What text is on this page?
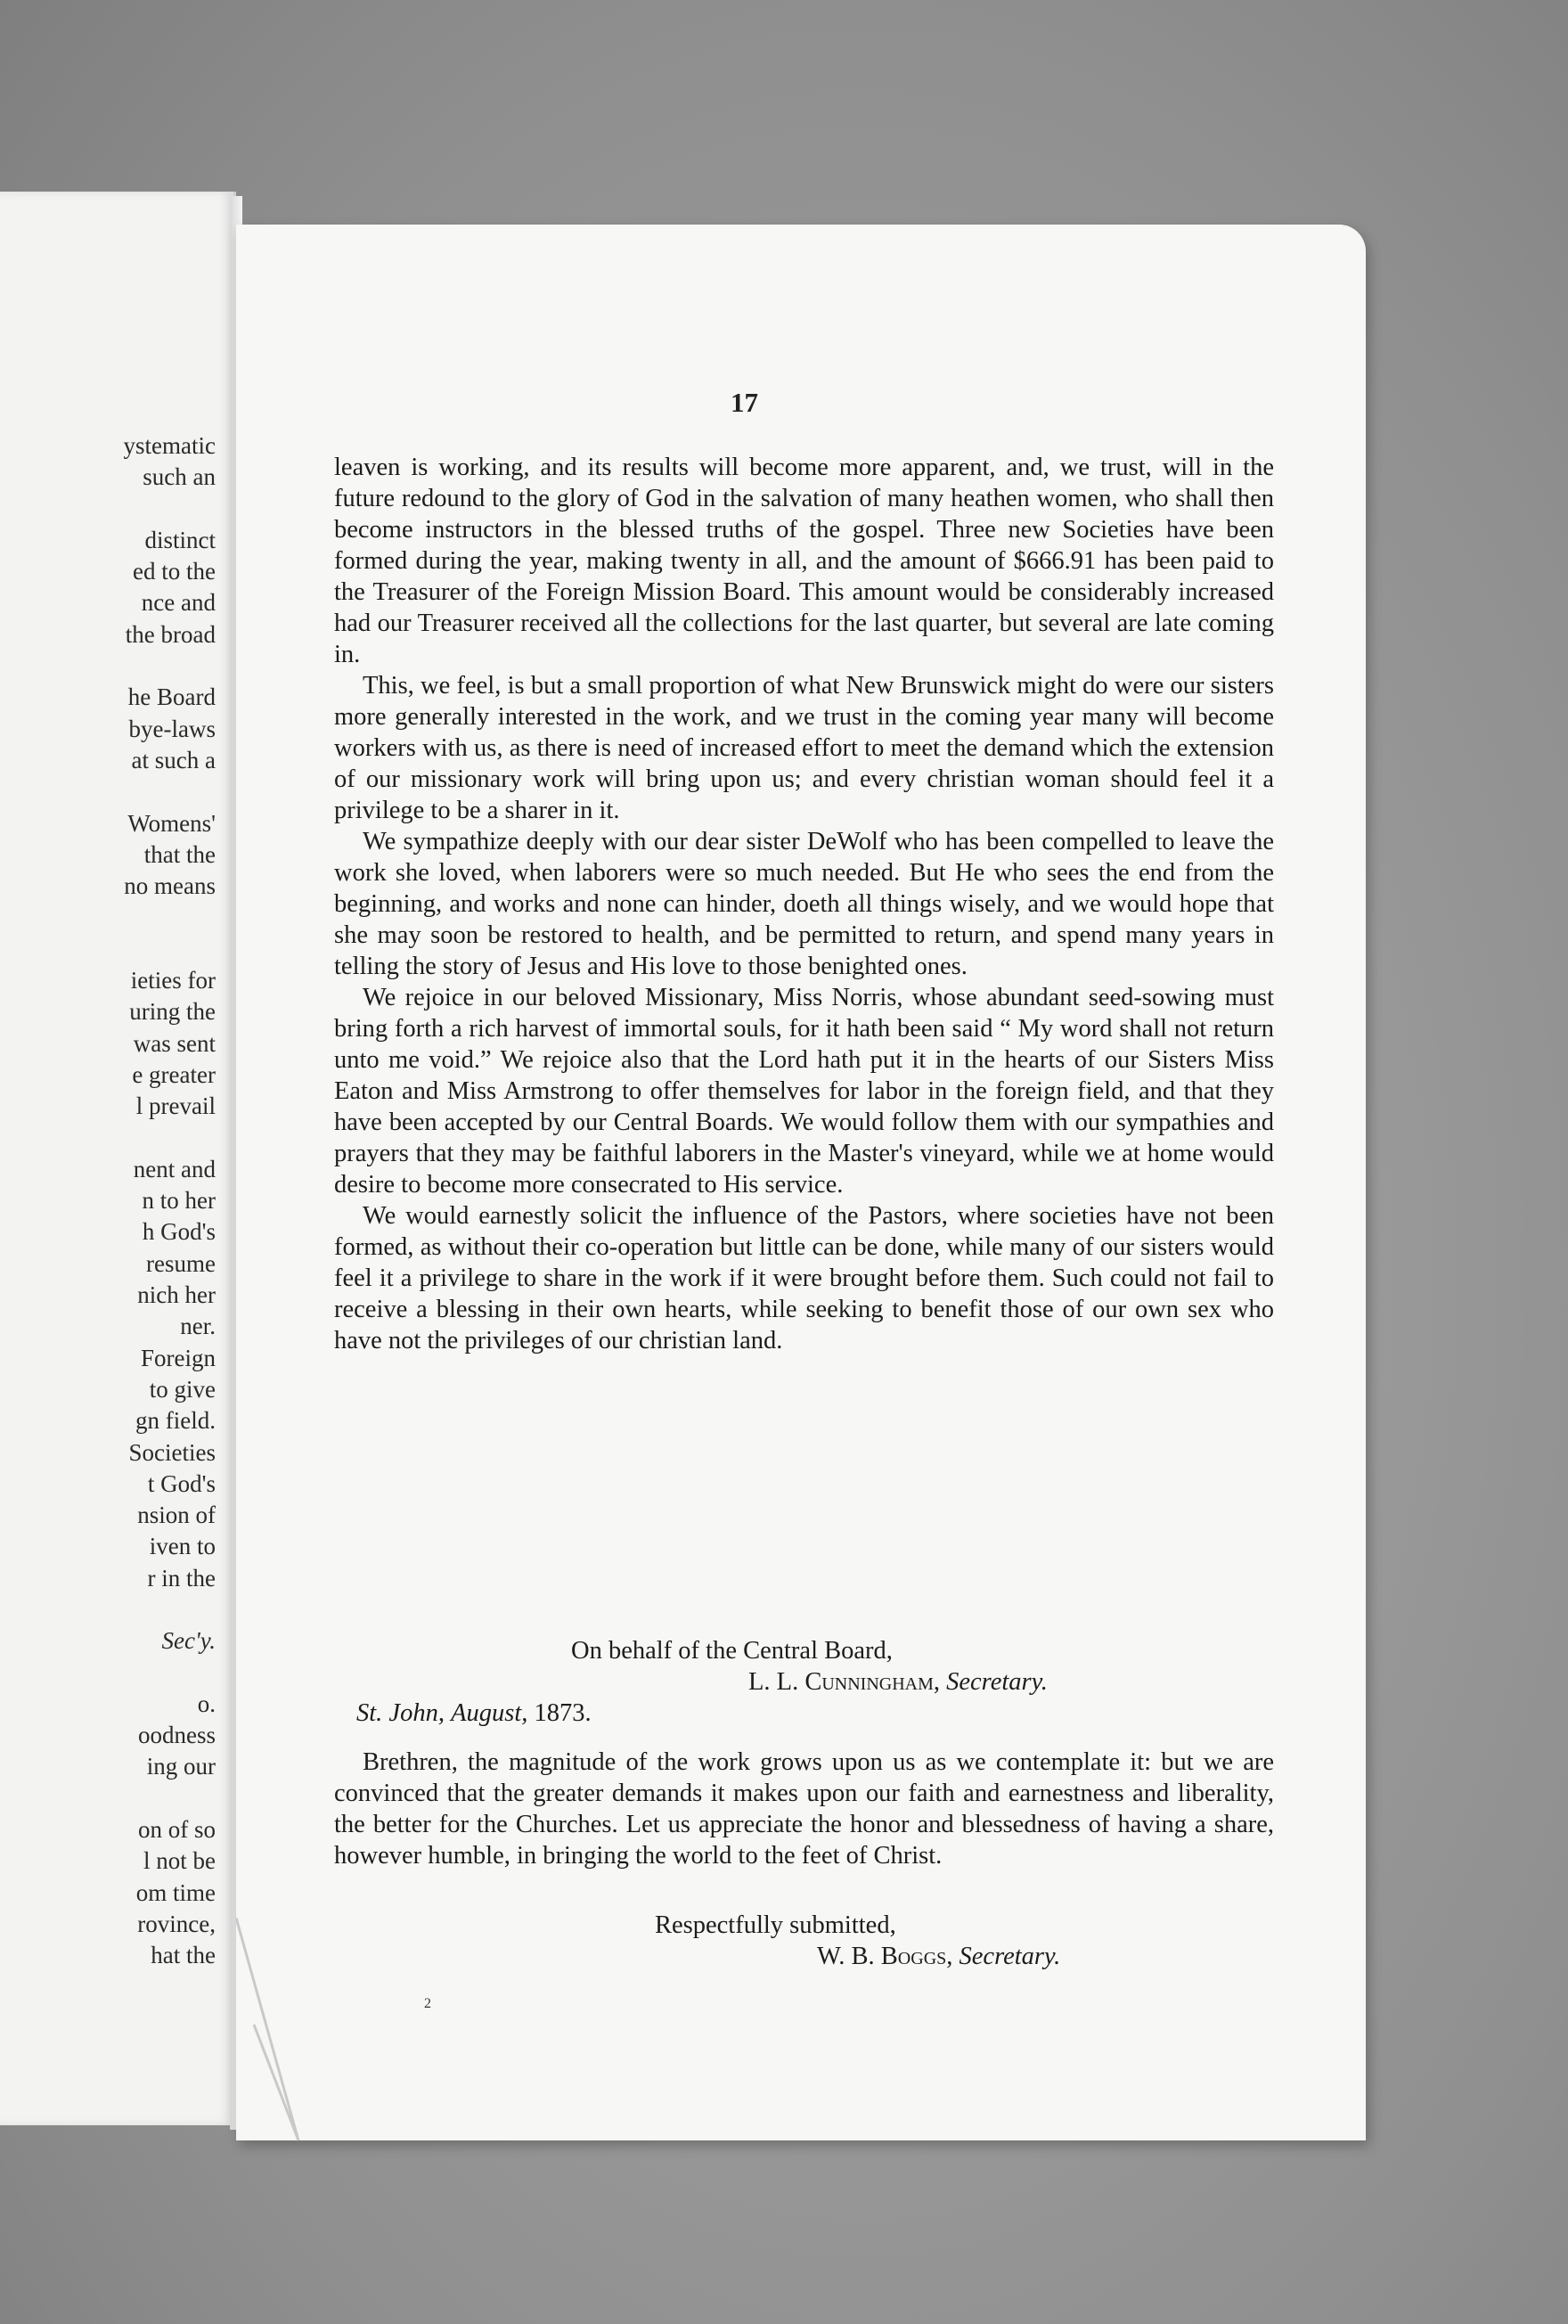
ystematic
such an
distinct
ed to the
nce and
the broad
he Board
bye-laws
at such a
Womens'
that the
no means
ieties for
uring the
was sent
e greater
l prevail
nent and
n to her
h God's
resume
nich her
ner.
Foreign
to give
gn field.
Societies
t God's
nsion of
iven to
r in the
Sec'y.
o.
oodness
ing our
on of so
l not be
om time
rovince,
hat the
17

leaven is working, and its results will become more apparent, and, we trust, will in the future redound to the glory of God in the salvation of many heathen women, who shall then become instructors in the blessed truths of the gospel. Three new Societies have been formed during the year, making twenty in all, and the amount of $666.91 has been paid to the Treasurer of the Foreign Mission Board. This amount would be considerably increased had our Treasurer received all the collections for the last quarter, but several are late coming in.

This, we feel, is but a small proportion of what New Brunswick might do were our sisters more generally interested in the work, and we trust in the coming year many will become workers with us, as there is need of increased effort to meet the demand which the extension of our missionary work will bring upon us; and every christian woman should feel it a privilege to be a sharer in it.

We sympathize deeply with our dear sister DeWolf who has been compelled to leave the work she loved, when laborers were so much needed. But He who sees the end from the beginning, and works and none can hinder, doeth all things wisely, and we would hope that she may soon be restored to health, and be permitted to return, and spend many years in telling the story of Jesus and His love to those benighted ones.

We rejoice in our beloved Missionary, Miss Norris, whose abundant seed-sowing must bring forth a rich harvest of immortal souls, for it hath been said “ My word shall not return unto me void.” We rejoice also that the Lord hath put it in the hearts of our Sisters Miss Eaton and Miss Armstrong to offer themselves for labor in the foreign field, and that they have been accepted by our Central Boards. We would follow them with our sympathies and prayers that they may be faithful laborers in the Master's vineyard, while we at home would desire to become more consecrated to His service.

We would earnestly solicit the influence of the Pastors, where societies have not been formed, as without their co-operation but little can be done, while many of our sisters would feel it a privilege to share in the work if it were brought before them. Such could not fail to receive a blessing in their own hearts, while seeking to benefit those of our own sex who have not the privileges of our christian land.

On behalf of the Central Board,
L. L. Cunningham, Secretary.
St. John, August, 1873.

Brethren, the magnitude of the work grows upon us as we contemplate it: but we are convinced that the greater demands it makes upon our faith and earnestness and liberality, the better for the Churches. Let us appreciate the honor and blessedness of having a share, however humble, in bringing the world to the feet of Christ.

Respectfully submitted,
W. B. Boggs, Secretary.
2
